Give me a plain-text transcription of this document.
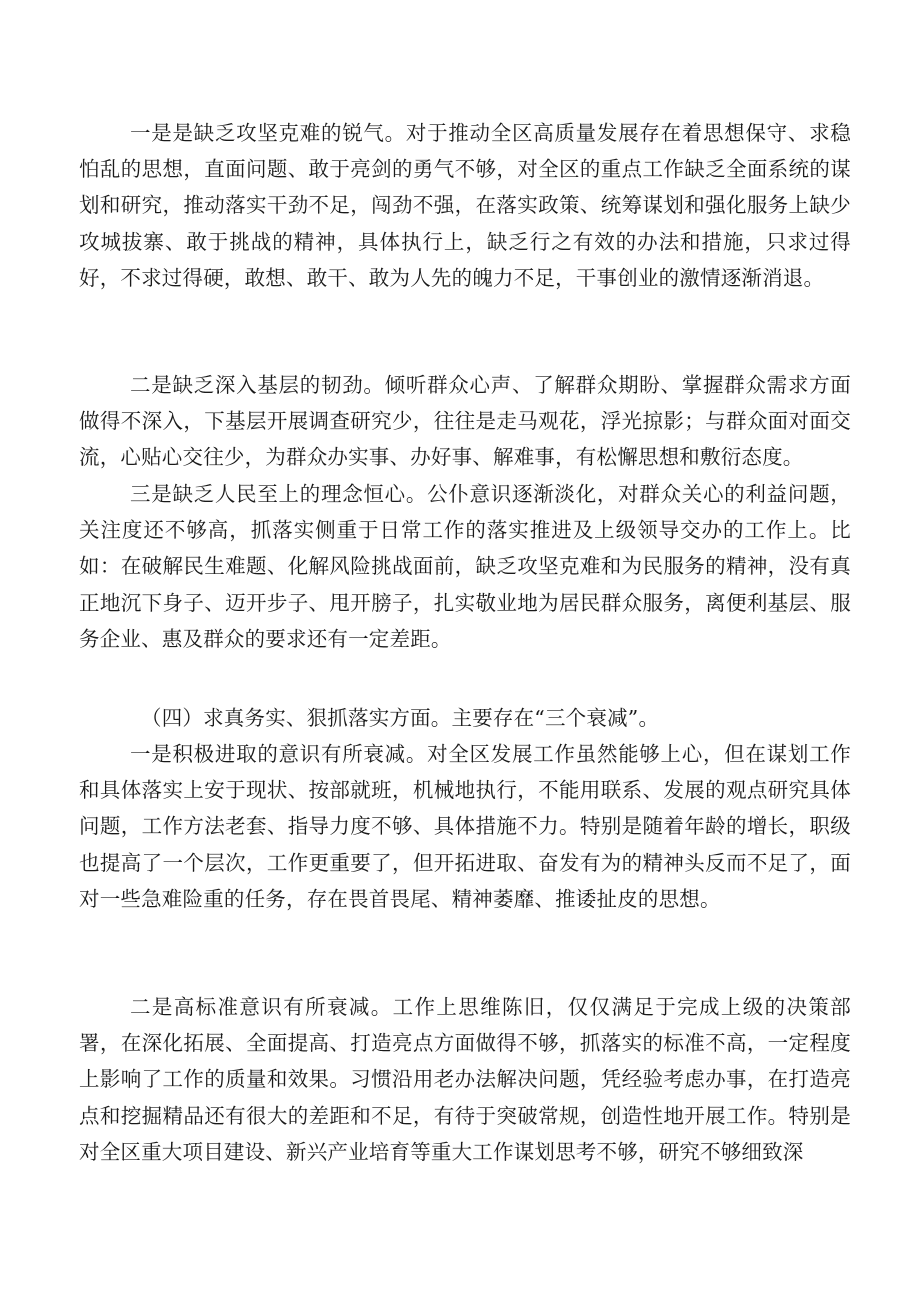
一是是缺乏攻坚克难的锐气。对于推动全区高质量发展存在着思想保守、求稳怕乱的思想，直面问题、敢于亮剑的勇气不够，对全区的重点工作缺乏全面系统的谋划和研究，推动落实干劲不足，闯劲不强，在落实政策、统筹谋划和强化服务上缺少攻城拔寨、敢于挑战的精神，具体执行上，缺乏行之有效的办法和措施，只求过得好，不求过得硬，敢想、敢干、敢为人先的魄力不足，干事创业的激情逐渐消退。

二是缺乏深入基层的韧劲。倾听群众心声、了解群众期盼、掌握群众需求方面做得不深入，下基层开展调查研究少，往往是走马观花，浮光掠影；与群众面对面交流，心贴心交往少，为群众办实事、办好事、解难事，有松懈思想和敷衍态度。

三是缺乏人民至上的理念恒心。公仆意识逐渐淡化，对群众关心的利益问题，关注度还不够高，抓落实侧重于日常工作的落实推进及上级领导交办的工作上。比如：在破解民生难题、化解风险挑战面前，缺乏攻坚克难和为民服务的精神，没有真正地沉下身子、迈开步子、甩开膀子，扎实敬业地为居民群众服务，离便利基层、服务企业、惠及群众的要求还有一定差距。

（四）求真务实、狠抓落实方面。主要存在“三个衰减”。

一是积极进取的意识有所衰减。对全区发展工作虽然能够上心，但在谋划工作和具体落实上安于现状、按部就班，机械地执行，不能用联系、发展的观点研究具体问题，工作方法老套、指导力度不够、具体措施不力。特别是随着年龄的增长，职级也提高了一个层次，工作更重要了，但开拓进取、奋发有为的精神头反而不足了，面对一些急难险重的任务，存在畏首畏尾、精神萎靡、推诿扯皮的思想。

二是高标准意识有所衰减。工作上思维陈旧，仅仅满足于完成上级的决策部署，在深化拓展、全面提高、打造亮点方面做得不够，抓落实的标准不高，一定程度上影响了工作的质量和效果。习惯沿用老办法解决问题，凭经验考虑办事，在打造亮点和挖掘精品还有很大的差距和不足，有待于突破常规，创造性地开展工作。特别是对全区重大项目建设、新兴产业培育等重大工作谋划思考不够，研究不够细致深
